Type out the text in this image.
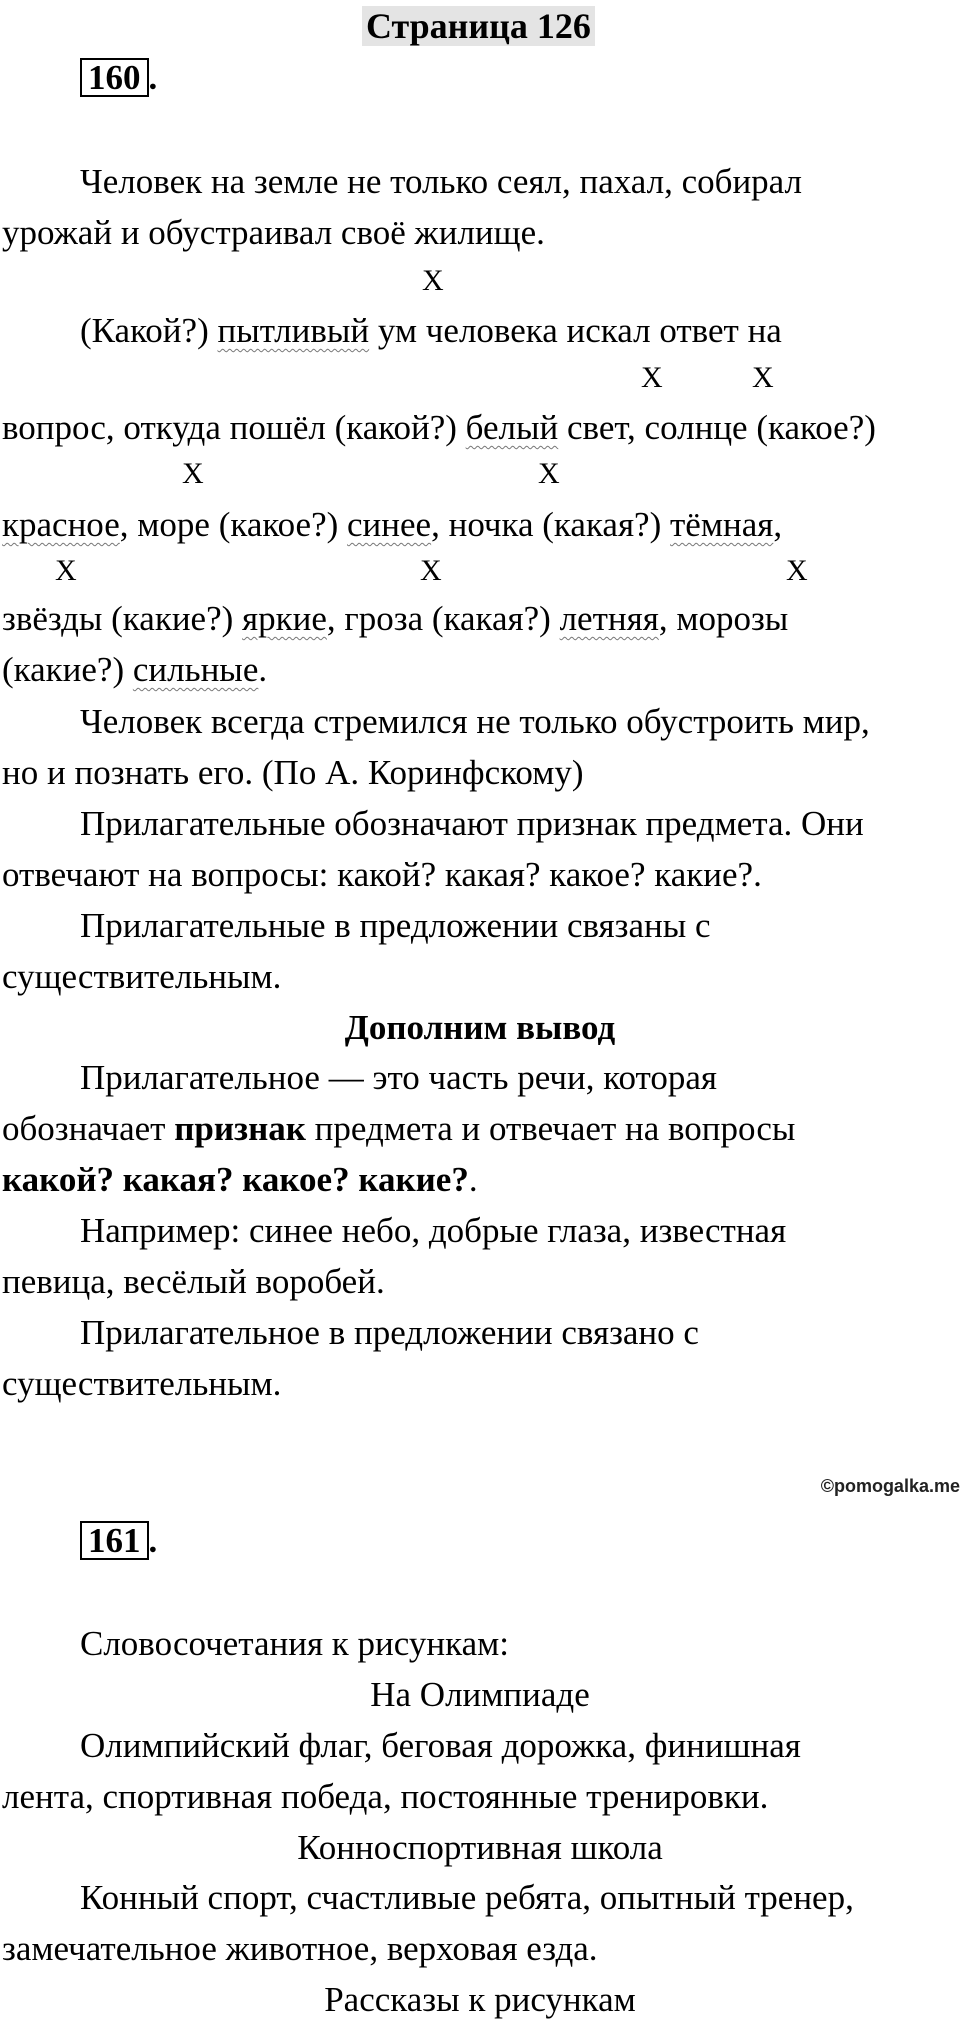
Страница 126
160 .
Человек на земле не только сеял, пахал, собирал
урожай и обустраивал своё жилище.
X
(Какой?) пытливый ум человека искал ответ на
X	X
вопрос, откуда пошёл (какой?) белый свет, солнце (какое?)
X	X
красное, море (какое?) синее, ночка (какая?) тёмная,
X	X	X
звёзды (какие?) яркие, гроза (какая?) летняя, морозы
(какие?) сильные.
Человек всегда стремился не только обустроить мир,
но и познать его. (По А. Коринфскому)
Прилагательные обозначают признак предмета. Они
отвечают на вопросы: какой? какая? какое? какие?.
Прилагательные в предложении связаны с
существительным.
Дополним вывод
Прилагательное — это часть речи, которая
обозначает признак предмета и отвечает на вопросы
какой? какая? какое? какие?.
Например: синее небо, добрые глаза, известная
певица, весёлый воробей.
Прилагательное в предложении связано с
существительным.
©pomogalka.me
161 .
Словосочетания к рисункам:
На Олимпиаде
Олимпийский флаг, беговая дорожка, финишная
лента, спортивная победа, постоянные тренировки.
Конноспортивная школа
Конный спорт, счастливые ребята, опытный тренер,
замечательное животное, верховая езда.
Рассказы к рисункам
